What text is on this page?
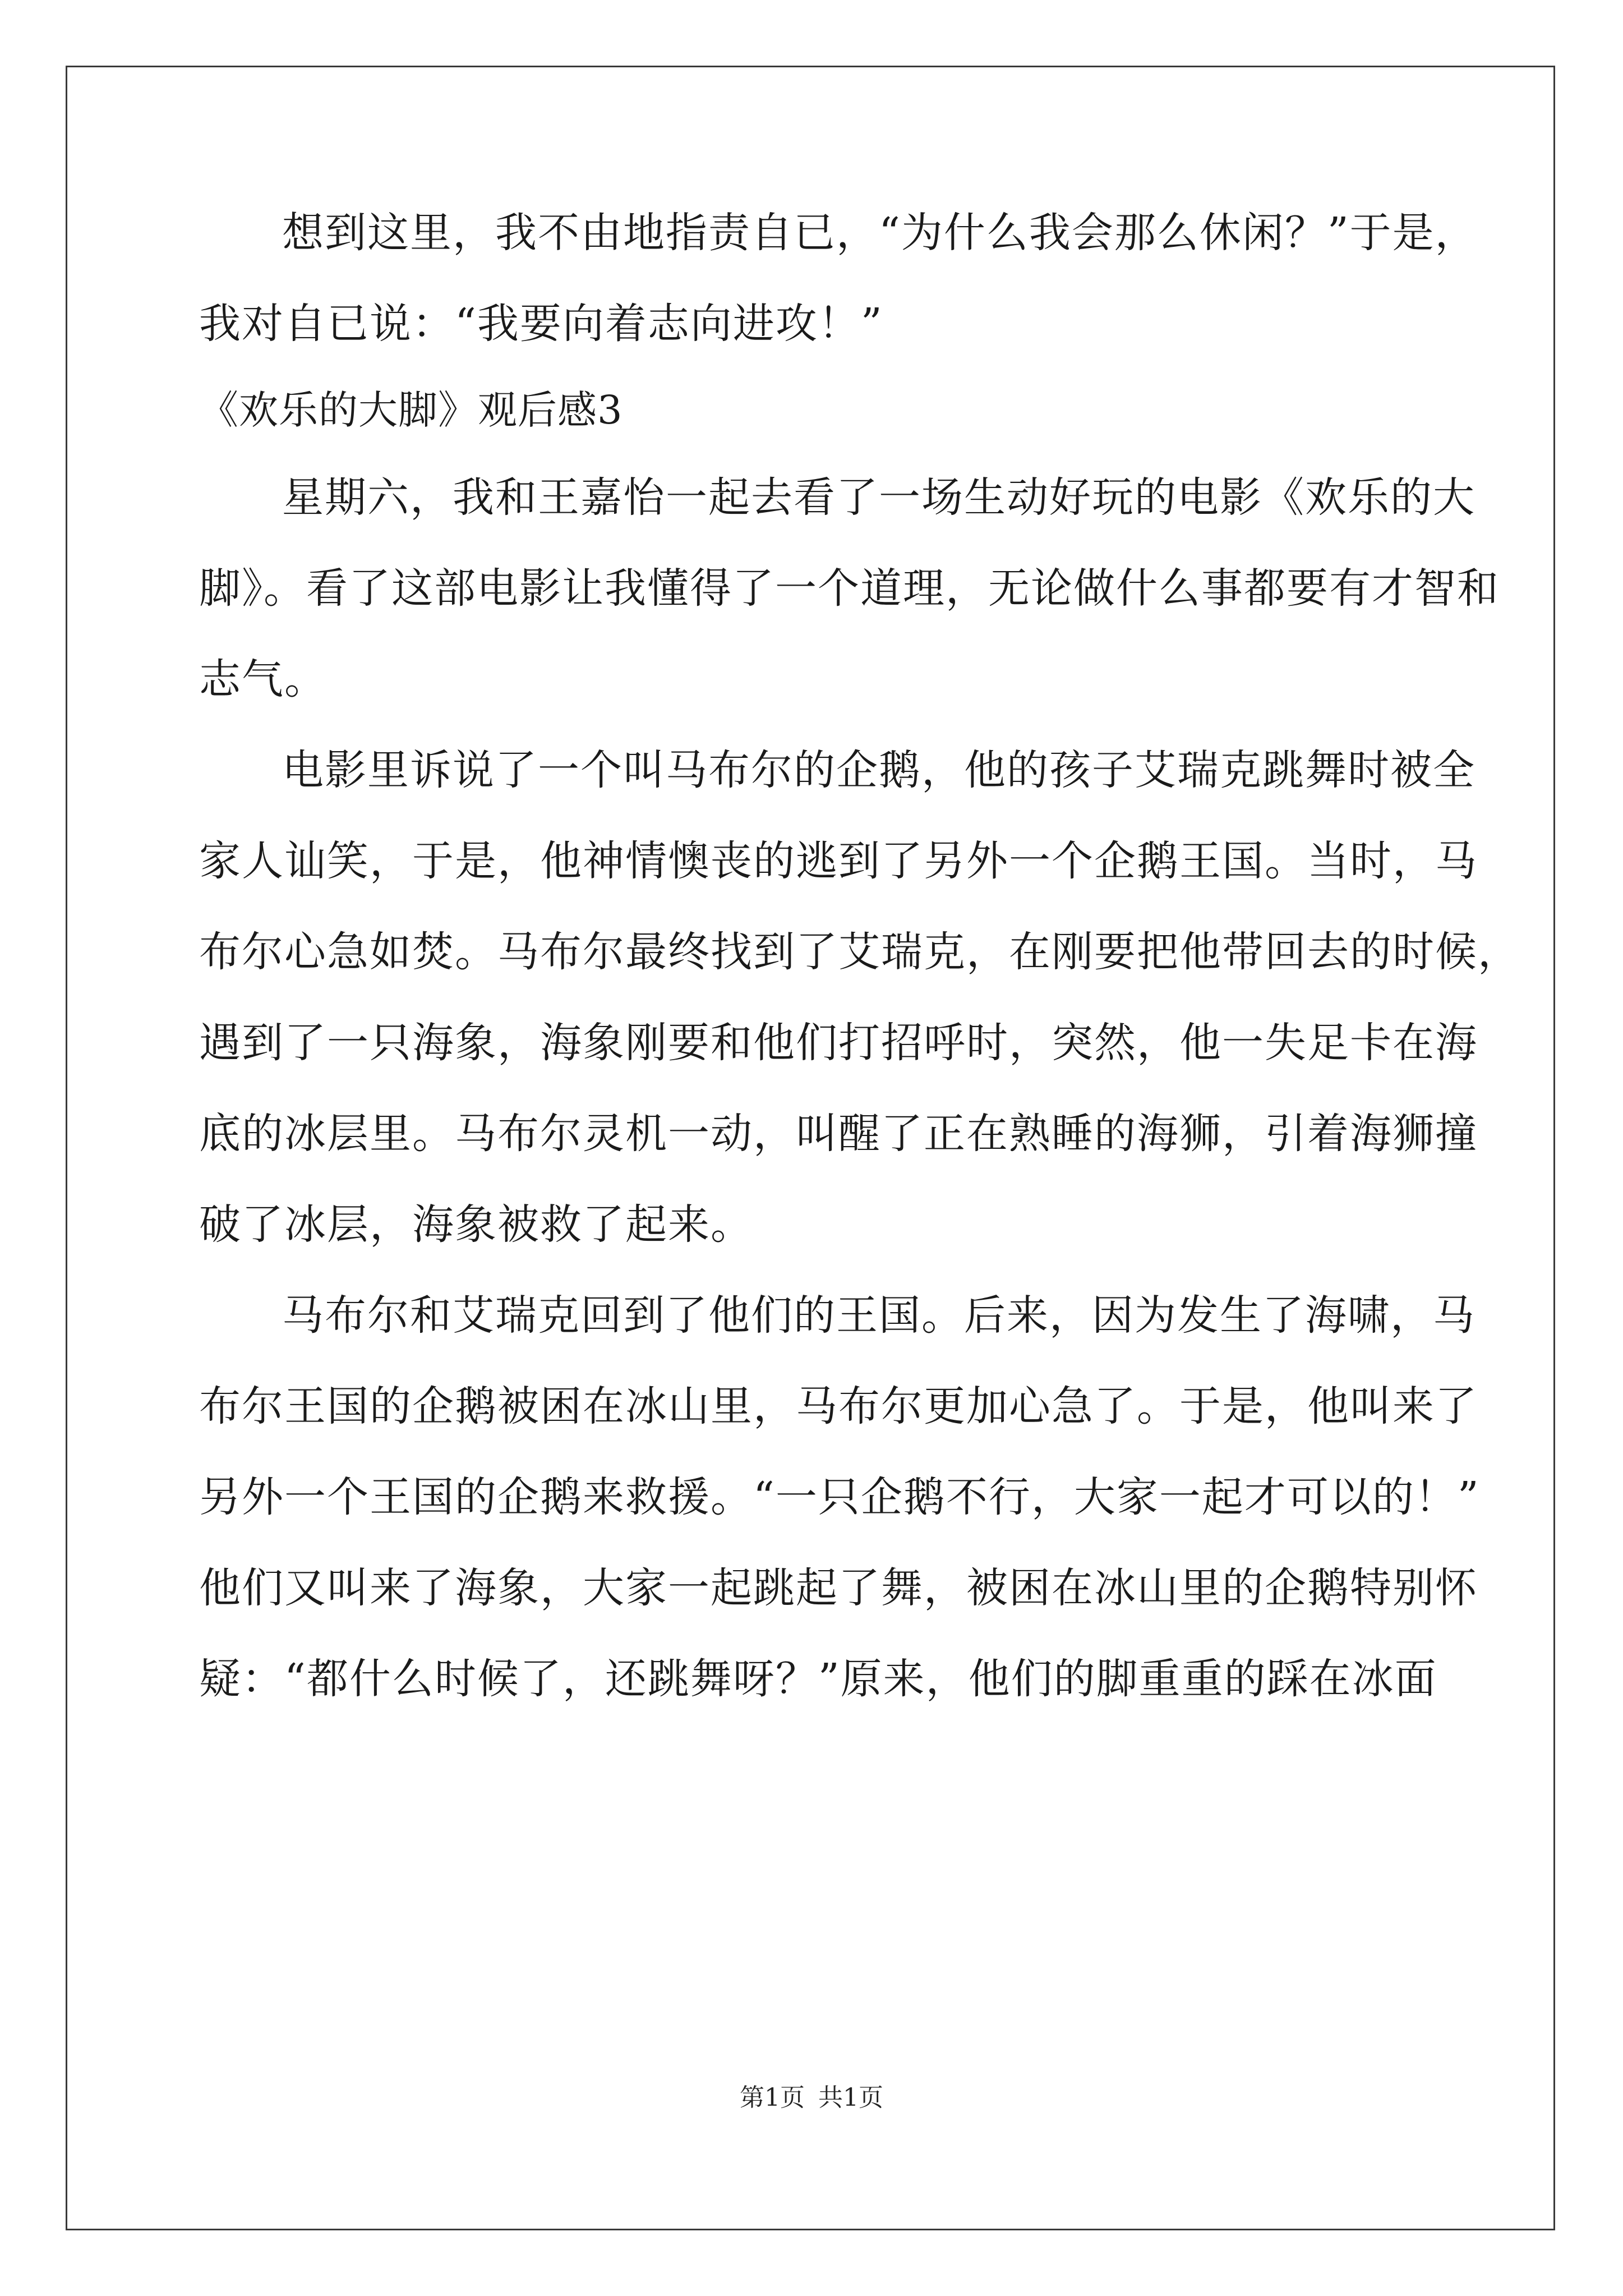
想到这里，我不由地指责自已，“为什么我会那么休闲？”于是，
我对自已说：“我要向着志向进攻！”
《欢乐的大脚》观后感3
星期六，我和王嘉怡一起去看了一场生动好玩的电影《欢乐的大
脚》。看了这部电影让我懂得了一个道理，无论做什么事都要有才智和
志气。
电影里诉说了一个叫马布尔的企鹅，他的孩子艾瑞克跳舞时被全
家人讪笑，于是，他神情懊丧的逃到了另外一个企鹅王国。当时，马
布尔心急如焚。马布尔最终找到了艾瑞克，在刚要把他带回去的时候，
遇到了一只海象，海象刚要和他们打招呼时，突然，他一失足卡在海
底的冰层里。马布尔灵机一动，叫醒了正在熟睡的海狮，引着海狮撞
破了冰层，海象被救了起来。
马布尔和艾瑞克回到了他们的王国。后来，因为发生了海啸，马
布尔王国的企鹅被困在冰山里，马布尔更加心急了。于是，他叫来了
另外一个王国的企鹅来救援。“一只企鹅不行，大家一起才可以的！”
他们又叫来了海象，大家一起跳起了舞，被困在冰山里的企鹅特别怀
疑：“都什么时候了，还跳舞呀？”原来，他们的脚重重的踩在冰面
第1页 共1页
